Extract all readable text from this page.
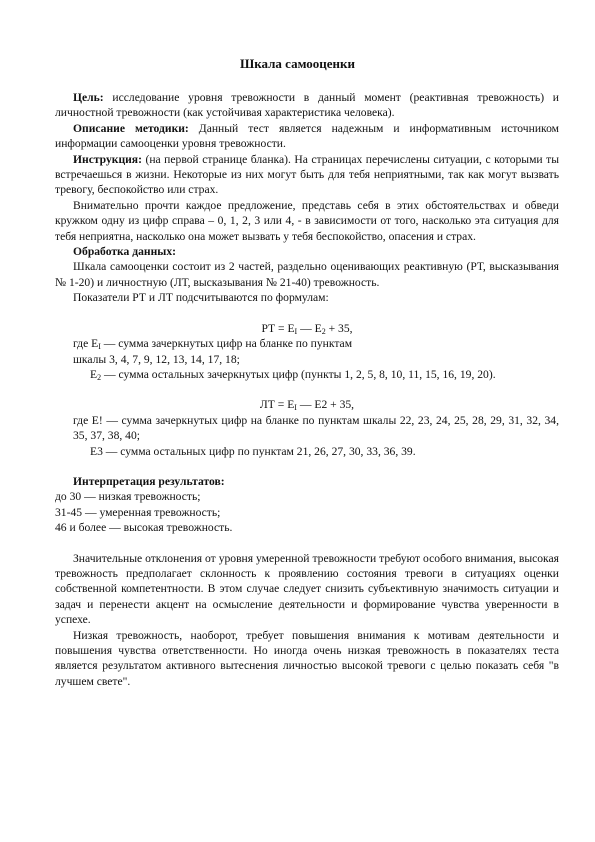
Шкала самооценки

Цель: исследование уровня тревожности в данный момент (реактивная тревожность) и личностной тревожности (как устойчивая характеристика человека).

Описание методики: Данный тест является надежным и информативным источником информации самооценки уровня тревожности.

Инструкция: (на первой странице бланка). На страницах перечислены ситуации, с которыми ты встречаешься в жизни. Некоторые из них могут быть для тебя неприятными, так как могут вызвать тревогу, беспокойство или страх.

Внимательно прочти каждое предложение, представь себя в этих обстоятельствах и обведи кружком одну из цифр справа – 0, 1, 2, 3 или 4, - в зависимости от того, насколько эта ситуация для тебя неприятна, насколько она может вызвать у тебя беспокойство, опасения и страх.

Обработка данных:

Шкала самооценки состоит из 2 частей, раздельно оценивающих реактивную (РТ, высказывания № 1-20) и личностную (ЛТ, высказывания № 21-40) тревожность.

Показатели РТ и ЛТ подсчитываются по формулам:

РТ = $Е_I$ — $Е_2 + 35$,

где $Е_I$ — сумма зачеркнутых цифр на бланке по пунктам

шкалы 3, 4, 7, 9, 12, 13, 14, 17, 18;

$Е_2$ — сумма остальных зачеркнутых цифр (пункты 1, 2, 5, 8, 10, 11, 15, 16, 19, 20).

ЛТ = $Е_I$ — Е2 + 35,

где Е! — сумма зачеркнутых цифр на бланке по пунктам шкалы 22, 23, 24, 25, 28, 29, 31, 32, 34, 35, 37, 38, 40;

Е3 — сумма остальных цифр по пунктам 21, 26, 27, 30, 33, 36, 39.

Интерпретация результатов:

до 30 — низкая тревожность;

31-45 — умеренная тревожность;

46 и более — высокая тревожность.

Значительные отклонения от уровня умеренной тревожности требуют особого внимания, высокая тревожность предполагает склонность к проявлению состояния тревоги в ситуациях оценки собственной компетентности. В этом случае следует снизить субъективную значимость ситуации и задач и перенести акцент на осмысление деятельности и формирование чувства уверенности в успехе.

Низкая тревожность, наоборот, требует повышения внимания к мотивам деятельности и повышения чувства ответственности. Но иногда очень низкая тревожность в показателях теста является результатом активного вытеснения личностью высокой тревоги с целью показать себя "в лучшем свете".
